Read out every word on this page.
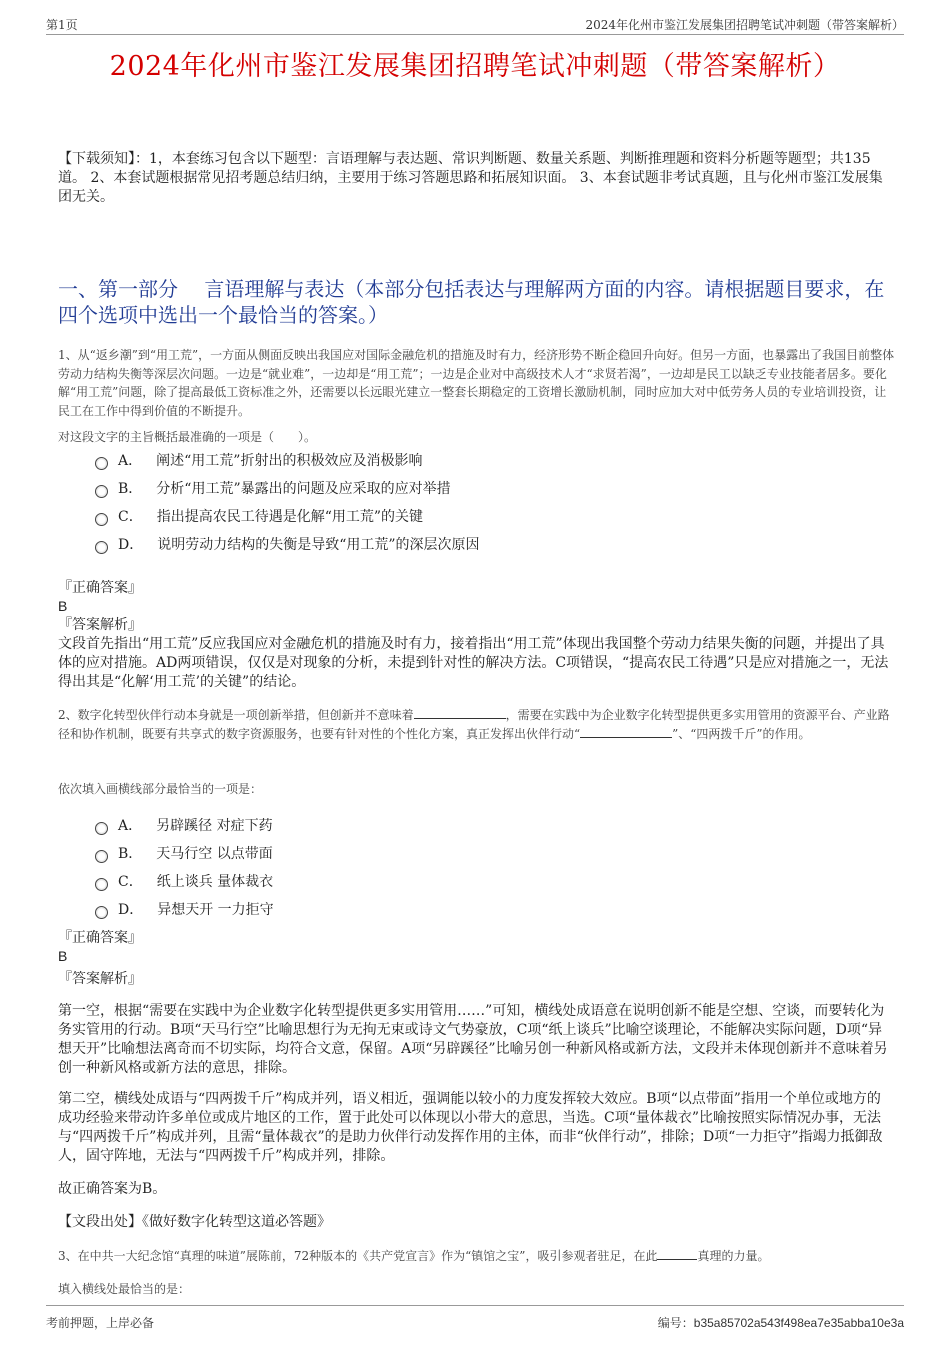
第1页	2024年化州市鉴江发展集团招聘笔试冲刺题（带答案解析）
2024年化州市鉴江发展集团招聘笔试冲刺题（带答案解析）
【下载须知】：1，本套练习包含以下题型：言语理解与表达题、常识判断题、数量关系题、判断推理题和资料分析题等题型；共135道。 2、本套试题根据常见招考题总结归纳，主要用于练习答题思路和拓展知识面。 3、本套试题非考试真题，且与化州市鉴江发展集团无关。
一、第一部分　 言语理解与表达（本部分包括表达与理解两方面的内容。请根据题目要求，在四个选项中选出一个最恰当的答案。）
1、从“返乡潮”到“用工荒”，一方面从侧面反映出我国应对国际金融危机的措施及时有力，经济形势不断企稳回升向好。但另一方面，也暴露出了我国目前整体劳动力结构失衡等深层次问题。一边是“就业难”，一边却是“用工荒”；一边是企业对中高级技术人才“求贤若渴”，一边却是民工以缺乏专业技能者居多。要化解“用工荒”问题，除了提高最低工资标准之外，还需要以长远眼光建立一整套长期稳定的工资增长激励机制，同时应加大对中低劳务人员的专业培训投资，让民工在工作中得到价值的不断提升。
对这段文字的主旨概括最准确的一项是（　　）。
A． 阐述“用工荒”折射出的积极效应及消极影响
B． 分析“用工荒”暴露出的问题及应采取的应对举措
C． 指出提高农民工待遇是化解“用工荒”的关键
D． 说明劳动力结构的失衡是导致“用工荒”的深层次原因
『正确答案』
B
『答案解析』
文段首先指出“用工荒”反应我国应对金融危机的措施及时有力，接着指出“用工荒”体现出我国整个劳动力结果失衡的问题，并提出了具体的应对措施。AD两项错误，仅仅是对现象的分析，未提到针对性的解决方法。C项错误，“提高农民工待遇”只是应对措施之一，无法得出其是“化解‘用工荒’的关键”的结论。
2、数字化转型伙伴行动本身就是一项创新举措，但创新并不意味着	，需要在实践中为企业数字化转型提供更多实用管用的资源平台、产业路径和协作机制，既要有共享式的数字资源服务，也要有针对性的个性化方案，真正发挥出伙伴行动“	”、“四两拨千斤”的作用。
依次填入画横线部分最恰当的一项是：
A． 另辟蹊径 对症下药
B． 天马行空 以点带面
C． 纸上谈兵 量体裁衣
D． 异想天开 一力拒守
『正确答案』
B
『答案解析』
第一空，根据“需要在实践中为企业数字化转型提供更多实用管用……”可知，横线处成语意在说明创新不能是空想、空谈，而要转化为务实管用的行动。B项“天马行空”比喻思想行为无拘无束或诗文气势豪放，C项“纸上谈兵”比喻空谈理论，不能解决实际问题，D项“异想天开”比喻想法离奇而不切实际，均符合文意，保留。A项“另辟蹊径”比喻另创一种新风格或新方法，文段并未体现创新并不意味着另创一种新风格或新方法的意思，排除。
第二空，横线处成语与“四两拨千斤”构成并列，语义相近，强调能以较小的力度发挥较大效应。B项“以点带面”指用一个单位或地方的成功经验来带动许多单位或成片地区的工作，置于此处可以体现以小带大的意思，当选。C项“量体裁衣”比喻按照实际情况办事，无法与“四两拨千斤”构成并列，且需“量体裁衣”的是助力伙伴行动发挥作用的主体，而非“伙伴行动”，排除；D项“一力拒守”指竭力抵御敌人，固守阵地，无法与“四两拨千斤”构成并列，排除。
故正确答案为B。
【文段出处】《做好数字化转型这道必答题》
3、在中共一大纪念馆“真理的味道”展陈前，72种版本的《共产党宣言》作为“镇馆之宝”，吸引参观者驻足，在此	真理的力量。
填入横线处最恰当的是：
考前押题，上岸必备	编号：b35a85702a543f498ea7e35abba10e3a
